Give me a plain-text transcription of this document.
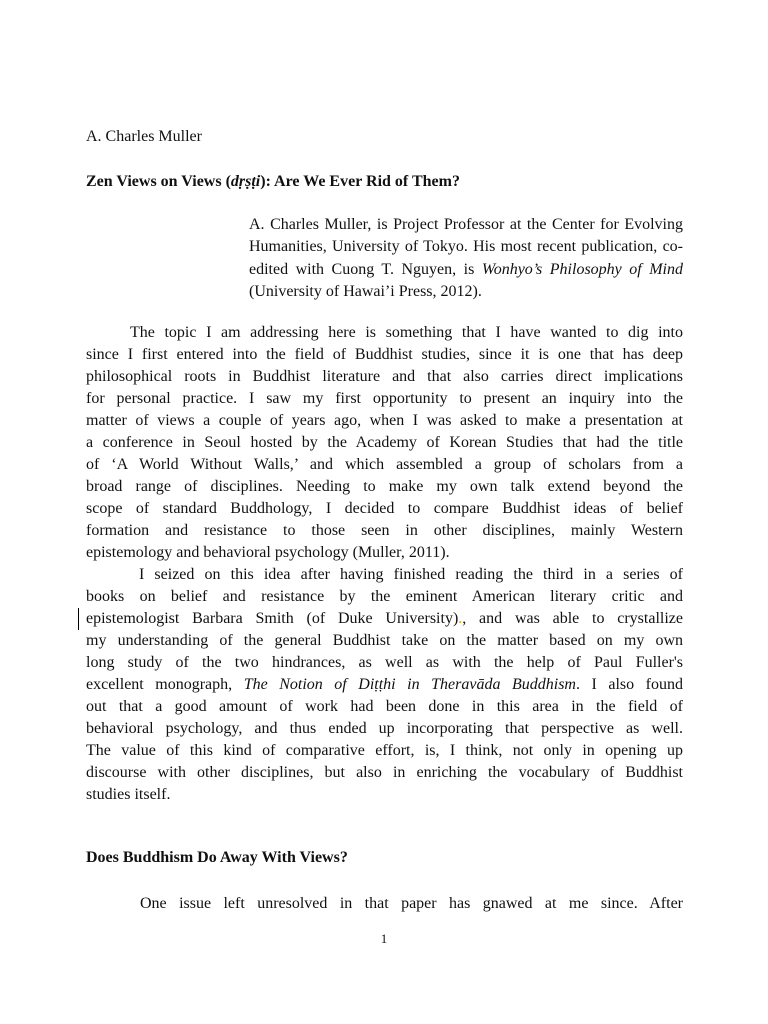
A. Charles Muller
Zen Views on Views (dṛṣṭi): Are We Ever Rid of Them?
A. Charles Muller, is Project Professor at the Center for Evolving Humanities, University of Tokyo. His most recent publication, co-edited with Cuong T. Nguyen, is Wonhyo’s Philosophy of Mind (University of Hawai’i Press, 2012).
The topic I am addressing here is something that I have wanted to dig into
since I first entered into the field of Buddhist studies, since it is one that has deep
philosophical roots in Buddhist literature and that also carries direct implications
for personal practice. I saw my first opportunity to present an inquiry into the
matter of views a couple of years ago, when I was asked to make a presentation at
a conference in Seoul hosted by the Academy of Korean Studies that had the title
of ‘A World Without Walls,’ and which assembled a group of scholars from a
broad range of disciplines. Needing to make my own talk extend beyond the
scope of standard Buddhology, I decided to compare Buddhist ideas of belief
formation and resistance to those seen in other disciplines, mainly Western
epistemology and behavioral psychology (Muller, 2011).
I seized on this idea after having finished reading the third in a series of
books on belief and resistance by the eminent American literary critic and
epistemologist Barbara Smith (of Duke University)., and was able to crystallize
my understanding of the general Buddhist take on the matter based on my own
long study of the two hindrances, as well as with the help of Paul Fuller's
excellent monograph, The Notion of Diṭṭhi in Theravāda Buddhism. I also found
out that a good amount of work had been done in this area in the field of
behavioral psychology, and thus ended up incorporating that perspective as well.
The value of this kind of comparative effort, is, I think, not only in opening up
discourse with other disciplines, but also in enriching the vocabulary of Buddhist
studies itself.
Does Buddhism Do Away With Views?
One issue left unresolved in that paper has gnawed at me since. After
1
